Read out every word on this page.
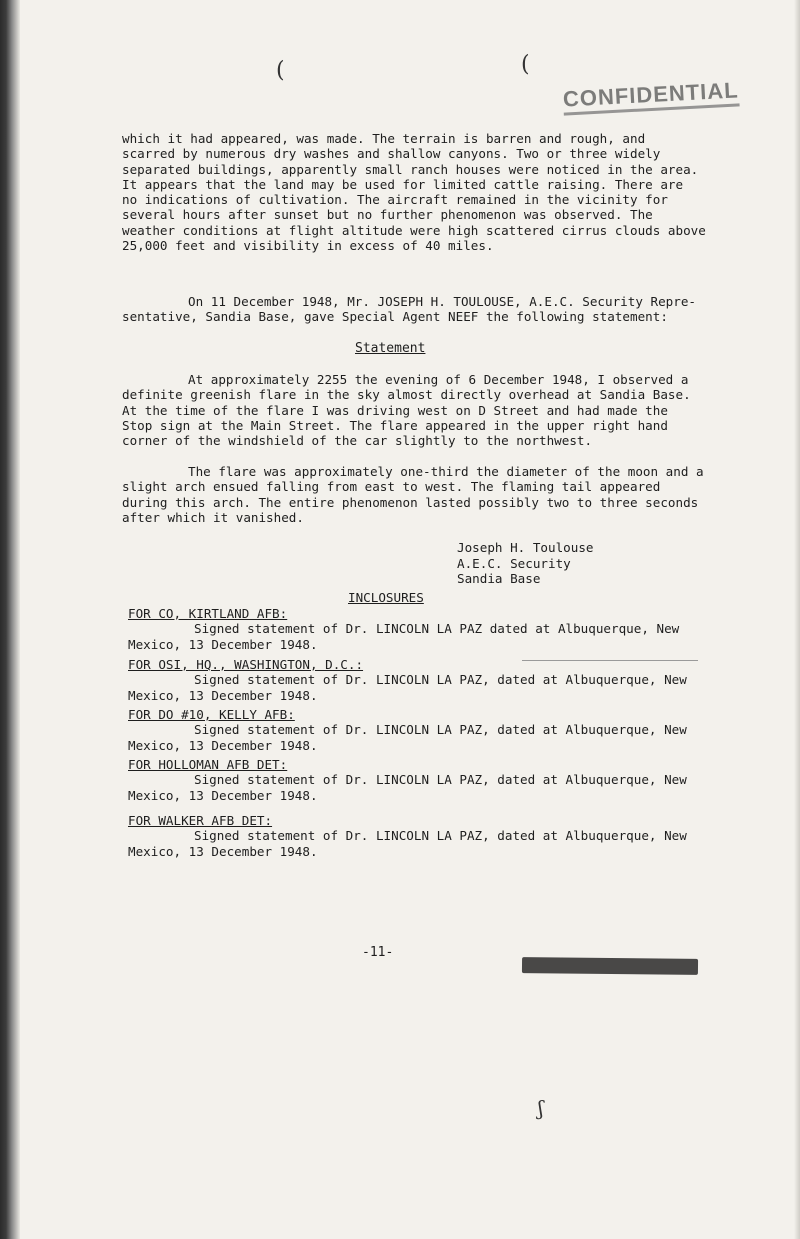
(	(
CONFIDENTIAL
which it had appeared, was made. The terrain is barren and rough, and
scarred by numerous dry washes and shallow canyons. Two or three widely
separated buildings, apparently small ranch houses were noticed in the area.
It appears that the land may be used for limited cattle raising. There are
no indications of cultivation. The aircraft remained in the vicinity for
several hours after sunset but no further phenomenon was observed. The
weather conditions at flight altitude were high scattered cirrus clouds above
25,000 feet and visibility in excess of 40 miles.
On 11 December 1948, Mr. JOSEPH H. TOULOUSE, A.E.C. Security Repre-
sentative, Sandia Base, gave Special Agent NEEF the following statement:
Statement
At approximately 2255 the evening of 6 December 1948, I observed a
definite greenish flare in the sky almost directly overhead at Sandia Base.
At the time of the flare I was driving west on D Street and had made the
Stop sign at the Main Street. The flare appeared in the upper right hand
corner of the windshield of the car slightly to the northwest.
The flare was approximately one-third the diameter of the moon and a
slight arch ensued falling from east to west. The flaming tail appeared
during this arch. The entire phenomenon lasted possibly two to three seconds
after which it vanished.
Joseph H. Toulouse
A.E.C. Security
Sandia Base
INCLOSURES
FOR CO, KIRTLAND AFB:
Signed statement of Dr. LINCOLN LA PAZ dated at Albuquerque, New
Mexico, 13 December 1948.
FOR OSI, HQ., WASHINGTON, D.C.:
Signed statement of Dr. LINCOLN LA PAZ, dated at Albuquerque, New
Mexico, 13 December 1948.
FOR DO #10, KELLY AFB:
Signed statement of Dr. LINCOLN LA PAZ, dated at Albuquerque, New
Mexico, 13 December 1948.
FOR HOLLOMAN AFB DET:
Signed statement of Dr. LINCOLN LA PAZ, dated at Albuquerque, New
Mexico, 13 December 1948.
FOR WALKER AFB DET:
Signed statement of Dr. LINCOLN LA PAZ, dated at Albuquerque, New
Mexico, 13 December 1948.
-11-
ʃ
